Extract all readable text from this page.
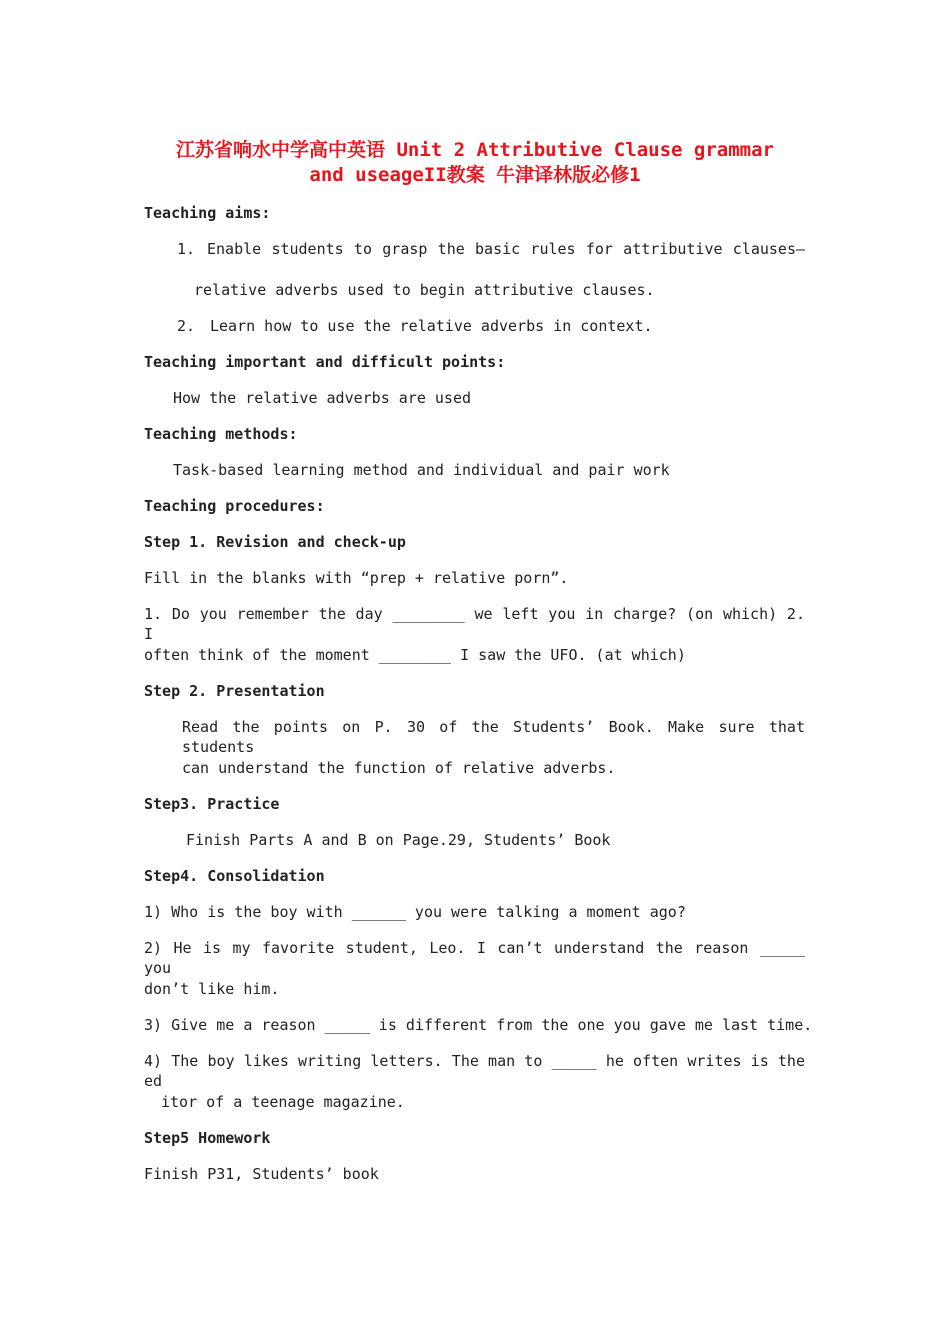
江苏省响水中学高中英语 Unit 2 Attributive Clause grammar
and useageII教案 牛津译林版必修1
Teaching aims:
1. Enable students to grasp the basic rules for attributive clauses—
relative adverbs used to begin attributive clauses.
2. Learn how to use the relative adverbs in context.
Teaching important and difficult points:
How the relative adverbs are used
Teaching methods:
Task-based learning method and individual and pair work
Teaching procedures:
Step 1. Revision and check-up
Fill in the blanks with “prep + relative porn”.
1. Do you remember the day ________ we left you in charge? (on which) 2. I
often think of the moment ________ I saw the UFO. (at which)
Step 2. Presentation
Read the points on P. 30 of the Students’ Book. Make sure that students
can understand the function of relative adverbs.
Step3. Practice
Finish Parts A and B on Page.29, Students’ Book
Step4. Consolidation
1) Who is the boy with ______ you were talking a moment ago?
2) He is my favorite student, Leo. I can’t understand the reason _____ you
don’t like him.
3) Give me a reason _____ is different from the one you gave me last time.
4) The boy likes writing letters. The man to _____ he often writes is the ed
itor of a teenage magazine.
Step5 Homework
Finish P31, Students’ book
